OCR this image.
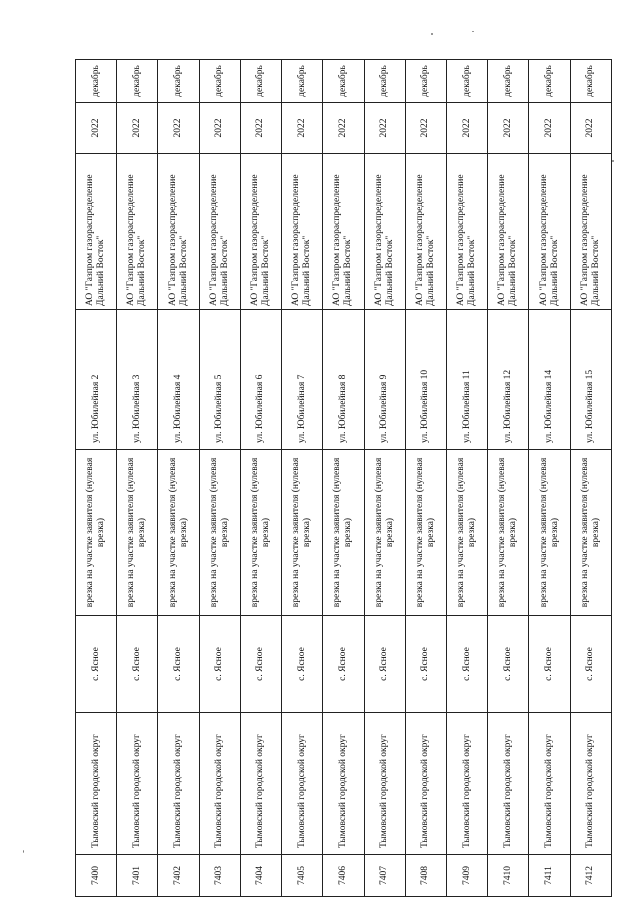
7400	Тымовский городской округ	с. Ясное	врезка на участке заявителя (нулевая врезка)	ул. Юбилейная 2	АО "Газпром газораспределение Дальний Восток"	2022	декабрь
7401	Тымовский городской округ	с. Ясное	врезка на участке заявителя (нулевая врезка)	ул. Юбилейная 3	АО "Газпром газораспределение Дальний Восток"	2022	декабрь
7402	Тымовский городской округ	с. Ясное	врезка на участке заявителя (нулевая врезка)	ул. Юбилейная 4	АО "Газпром газораспределение Дальний Восток"	2022	декабрь
7403	Тымовский городской округ	с. Ясное	врезка на участке заявителя (нулевая врезка)	ул. Юбилейная 5	АО "Газпром газораспределение Дальний Восток"	2022	декабрь
7404	Тымовский городской округ	с. Ясное	врезка на участке заявителя (нулевая врезка)	ул. Юбилейная 6	АО "Газпром газораспределение Дальний Восток"	2022	декабрь
7405	Тымовский городской округ	с. Ясное	врезка на участке заявителя (нулевая врезка)	ул. Юбилейная 7	АО "Газпром газораспределение Дальний Восток"	2022	декабрь
7406	Тымовский городской округ	с. Ясное	врезка на участке заявителя (нулевая врезка)	ул. Юбилейная 8	АО "Газпром газораспределение Дальний Восток"	2022	декабрь
7407	Тымовский городской округ	с. Ясное	врезка на участке заявителя (нулевая врезка)	ул. Юбилейная 9	АО "Газпром газораспределение Дальний Восток"	2022	декабрь
7408	Тымовский городской округ	с. Ясное	врезка на участке заявителя (нулевая врезка)	ул. Юбилейная 10	АО "Газпром газораспределение Дальний Восток"	2022	декабрь
7409	Тымовский городской округ	с. Ясное	врезка на участке заявителя (нулевая врезка)	ул. Юбилейная 11	АО "Газпром газораспределение Дальний Восток"	2022	декабрь
7410	Тымовский городской округ	с. Ясное	врезка на участке заявителя (нулевая врезка)	ул. Юбилейная 12	АО "Газпром газораспределение Дальний Восток"	2022	декабрь
7411	Тымовский городской округ	с. Ясное	врезка на участке заявителя (нулевая врезка)	ул. Юбилейная 14	АО "Газпром газораспределение Дальний Восток"	2022	декабрь
7412	Тымовский городской округ	с. Ясное	врезка на участке заявителя (нулевая врезка)	ул. Юбилейная 15	АО "Газпром газораспределение Дальний Восток"	2022	декабрь
